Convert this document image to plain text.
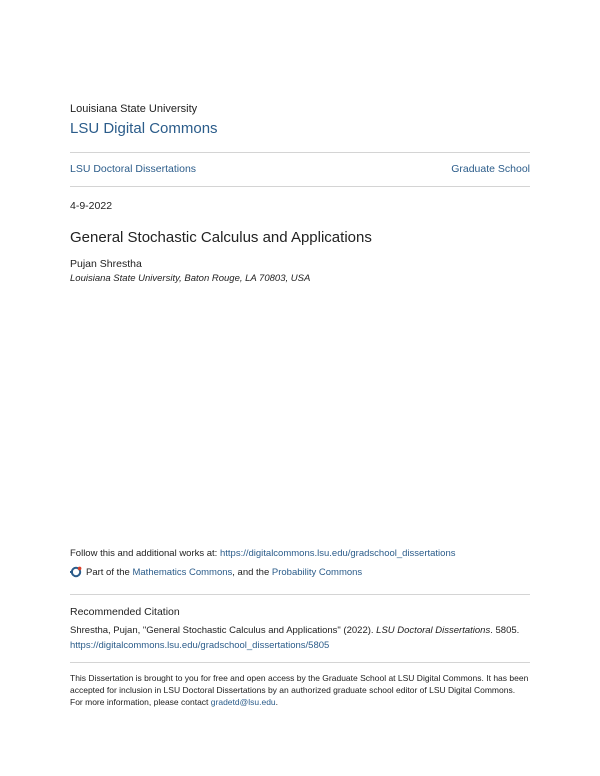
Louisiana State University
LSU Digital Commons
LSU Doctoral Dissertations	Graduate School
4-9-2022
General Stochastic Calculus and Applications
Pujan Shrestha
Louisiana State University, Baton Rouge, LA 70803, USA
Follow this and additional works at: https://digitalcommons.lsu.edu/gradschool_dissertations
Part of the Mathematics Commons , and the Probability Commons
Recommended Citation
Shrestha, Pujan, "General Stochastic Calculus and Applications" (2022). LSU Doctoral Dissertations. 5805.
https://digitalcommons.lsu.edu/gradschool_dissertations/5805
This Dissertation is brought to you for free and open access by the Graduate School at LSU Digital Commons. It has been accepted for inclusion in LSU Doctoral Dissertations by an authorized graduate school editor of LSU Digital Commons. For more information, please contact gradetd@lsu.edu.
